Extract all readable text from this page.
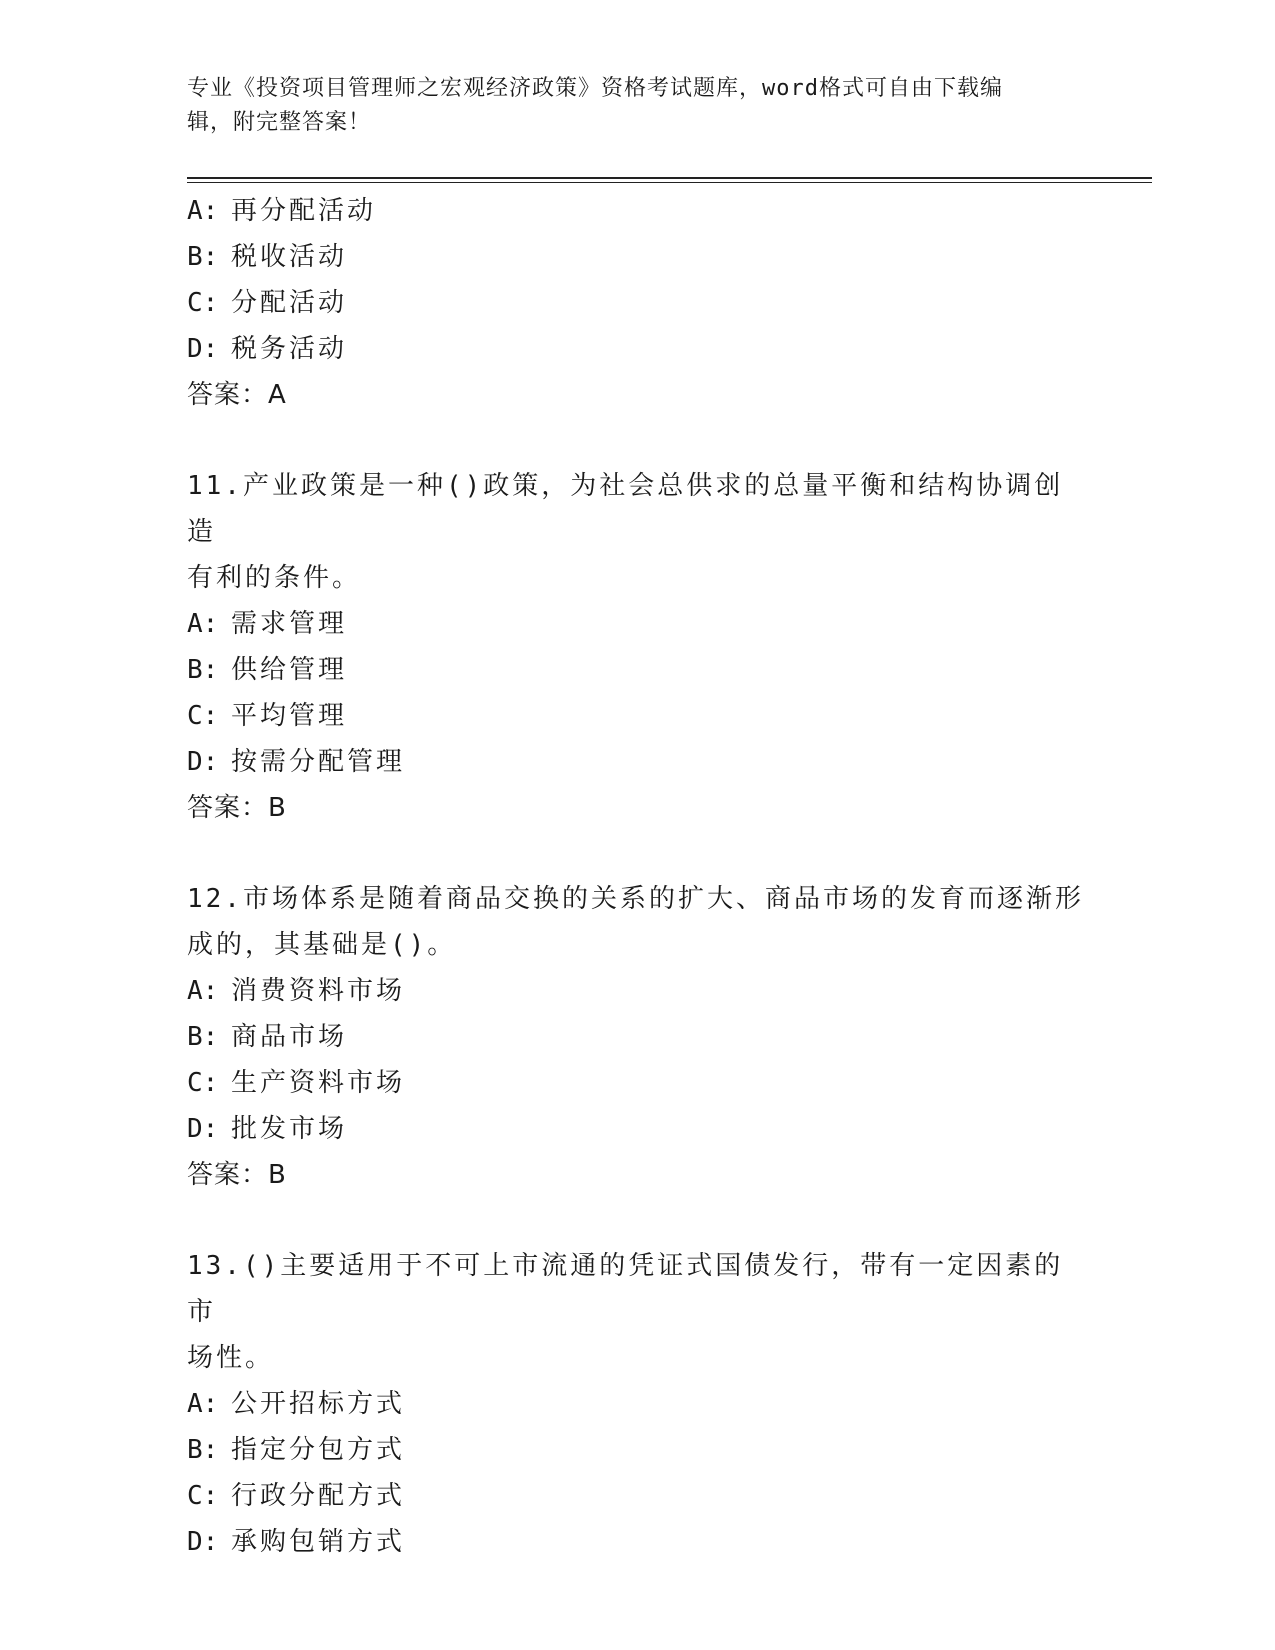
专业《投资项目管理师之宏观经济政策》资格考试题库，word格式可自由下载编
辑，附完整答案！
A: 再分配活动
B: 税收活动
C: 分配活动
D: 税务活动
答案：A
11.产业政策是一种()政策，为社会总供求的总量平衡和结构协调创造
有利的条件。
A: 需求管理
B: 供给管理
C: 平均管理
D: 按需分配管理
答案：B
12.市场体系是随着商品交换的关系的扩大、商品市场的发育而逐渐形
成的，其基础是()。
A: 消费资料市场
B: 商品市场
C: 生产资料市场
D: 批发市场
答案：B
13.()主要适用于不可上市流通的凭证式国债发行，带有一定因素的市
场性。
A: 公开招标方式
B: 指定分包方式
C: 行政分配方式
D: 承购包销方式
